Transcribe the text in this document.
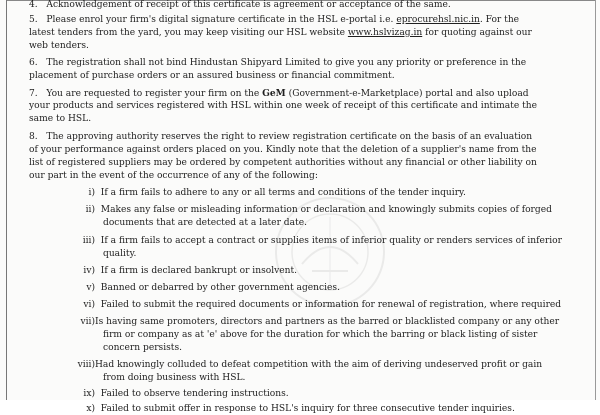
4. Acknowledgement of receipt of this certificate is agreement or acceptance of the same.
5. Please enrol your firm's digital signature certificate in the HSL e-portal i.e. eprocurehsl.nic.in. For the
latest tenders from the yard, you may keep visiting our HSL website www.hslvizag.in for quoting against our
web tenders.
6. The registration shall not bind Hindustan Shipyard Limited to give you any priority or preference in the
placement of purchase orders or an assured business or financial commitment.
7. You are requested to register your firm on the GeM (Government-e-Marketplace) portal and also upload
your products and services registered with HSL within one week of receipt of this certificate and intimate the
same to HSL.
8. The approving authority reserves the right to review registration certificate on the basis of an evaluation
of your performance against orders placed on you. Kindly note that the deletion of a supplier's name from the
list of registered suppliers may be ordered by competent authorities without any financial or other liability on
our part in the event of the occurrence of any of the following:
i) If a firm fails to adhere to any or all terms and conditions of the tender inquiry.
ii) Makes any false or misleading information or declaration and knowingly submits copies of forged
documents that are detected at a later date.
iii) If a firm fails to accept a contract or supplies items of inferior quality or renders services of inferior
quality.
iv) If a firm is declared bankrupt or insolvent.
v) Banned or debarred by other government agencies.
vi) Failed to submit the required documents or information for renewal of registration, where required
vii)Is having same promoters, directors and partners as the barred or blacklisted company or any other
firm or company as at 'e' above for the duration for which the barring or black listing of sister
concern persists.
viii)Had knowingly colluded to defeat competition with the aim of deriving undeserved profit or gain
from doing business with HSL.
ix) Failed to observe tendering instructions.
x) Failed to submit offer in response to HSL's inquiry for three consecutive tender inquiries.
